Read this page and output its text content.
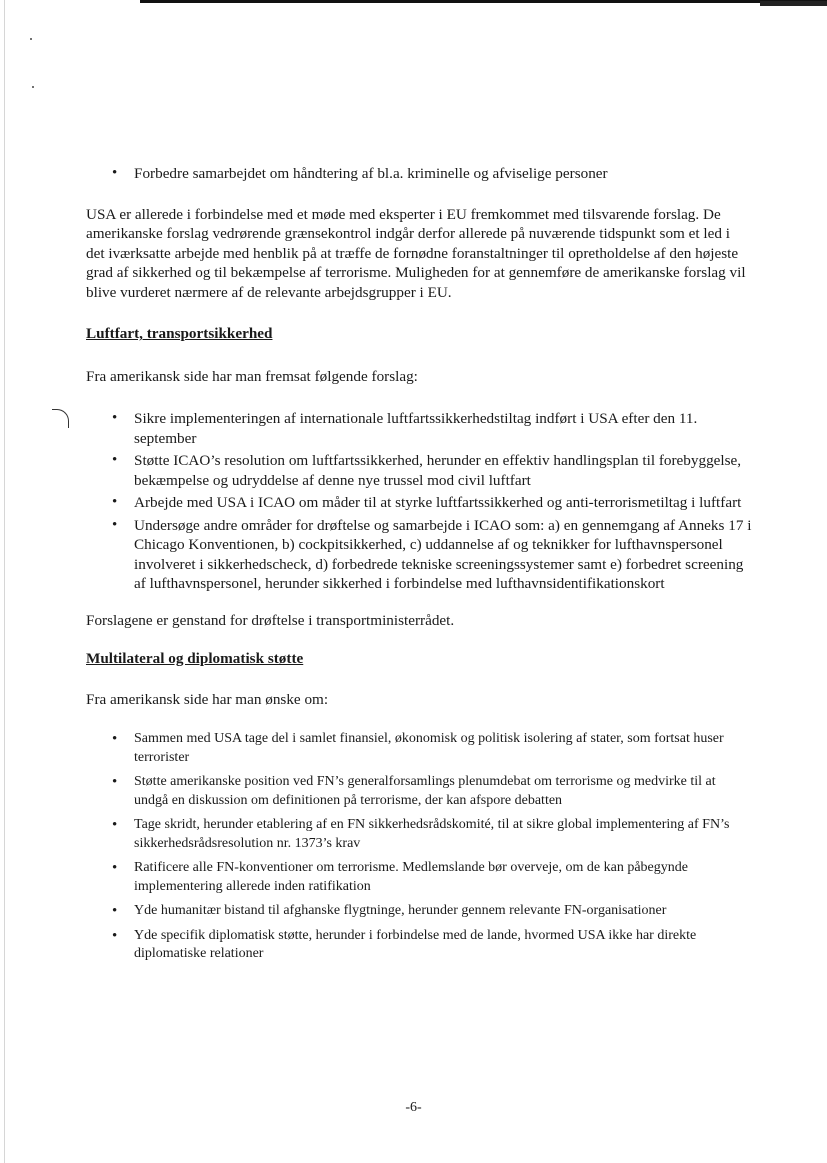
• Forbedre samarbejdet om håndtering af bl.a. kriminelle og afviselige personer

USA er allerede i forbindelse med et møde med eksperter i EU fremkommet med tilsvarende forslag. De amerikanske forslag vedrørende grænsekontrol indgår derfor allerede på nuværende tidspunkt som et led i det iværksatte arbejde med henblik på at træffe de fornødne foranstaltninger til opretholdelse af den højeste grad af sikkerhed og til bekæmpelse af terrorisme. Muligheden for at gennemføre de amerikanske forslag vil blive vurderet nærmere af de relevante arbejdsgrupper i EU.

Luftfart, transportsikkerhed

Fra amerikansk side har man fremsat følgende forslag:

• Sikre implementeringen af internationale luftfartssikkerhedstiltag indført i USA efter den 11. september
• Støtte ICAO’s resolution om luftfartssikkerhed, herunder en effektiv handlingsplan til forebyggelse, bekæmpelse og udryddelse af denne nye trussel mod civil luftfart
• Arbejde med USA i ICAO om måder til at styrke luftfartssikkerhed og anti-terrorismetiltag i luftfart
• Undersøge andre områder for drøftelse og samarbejde i ICAO som: a) en gennemgang af Anneks 17 i Chicago Konventionen, b) cockpitsikkerhed, c) uddannelse af og teknikker for lufthavnspersonel involveret i sikkerhedscheck, d) forbedrede tekniske screeningssystemer samt e) forbedret screening af lufthavnspersonel, herunder sikkerhed i forbindelse med lufthavnsidentifikationskort

Forslagene er genstand for drøftelse i transportministerrådet.

Multilateral og diplomatisk støtte

Fra amerikansk side har man ønske om:

• Sammen med USA tage del i samlet finansiel, økonomisk og politisk isolering af stater, som fortsat huser terrorister
• Støtte amerikanske position ved FN’s generalforsamlings plenumdebat om terrorisme og medvirke til at undgå en diskussion om definitionen på terrorisme, der kan afspore debatten
• Tage skridt, herunder etablering af en FN sikkerhedsrådskomité, til at sikre global implementering af FN’s sikkerhedsrådsresolution nr. 1373’s krav
• Ratificere alle FN-konventioner om terrorisme. Medlemslande bør overveje, om de kan påbegynde implementering allerede inden ratifikation
• Yde humanitær bistand til afghanske flygtninge, herunder gennem relevante FN-organisationer
• Yde specifik diplomatisk støtte, herunder i forbindelse med de lande, hvormed USA ikke har direkte diplomatiske relationer
-6-
